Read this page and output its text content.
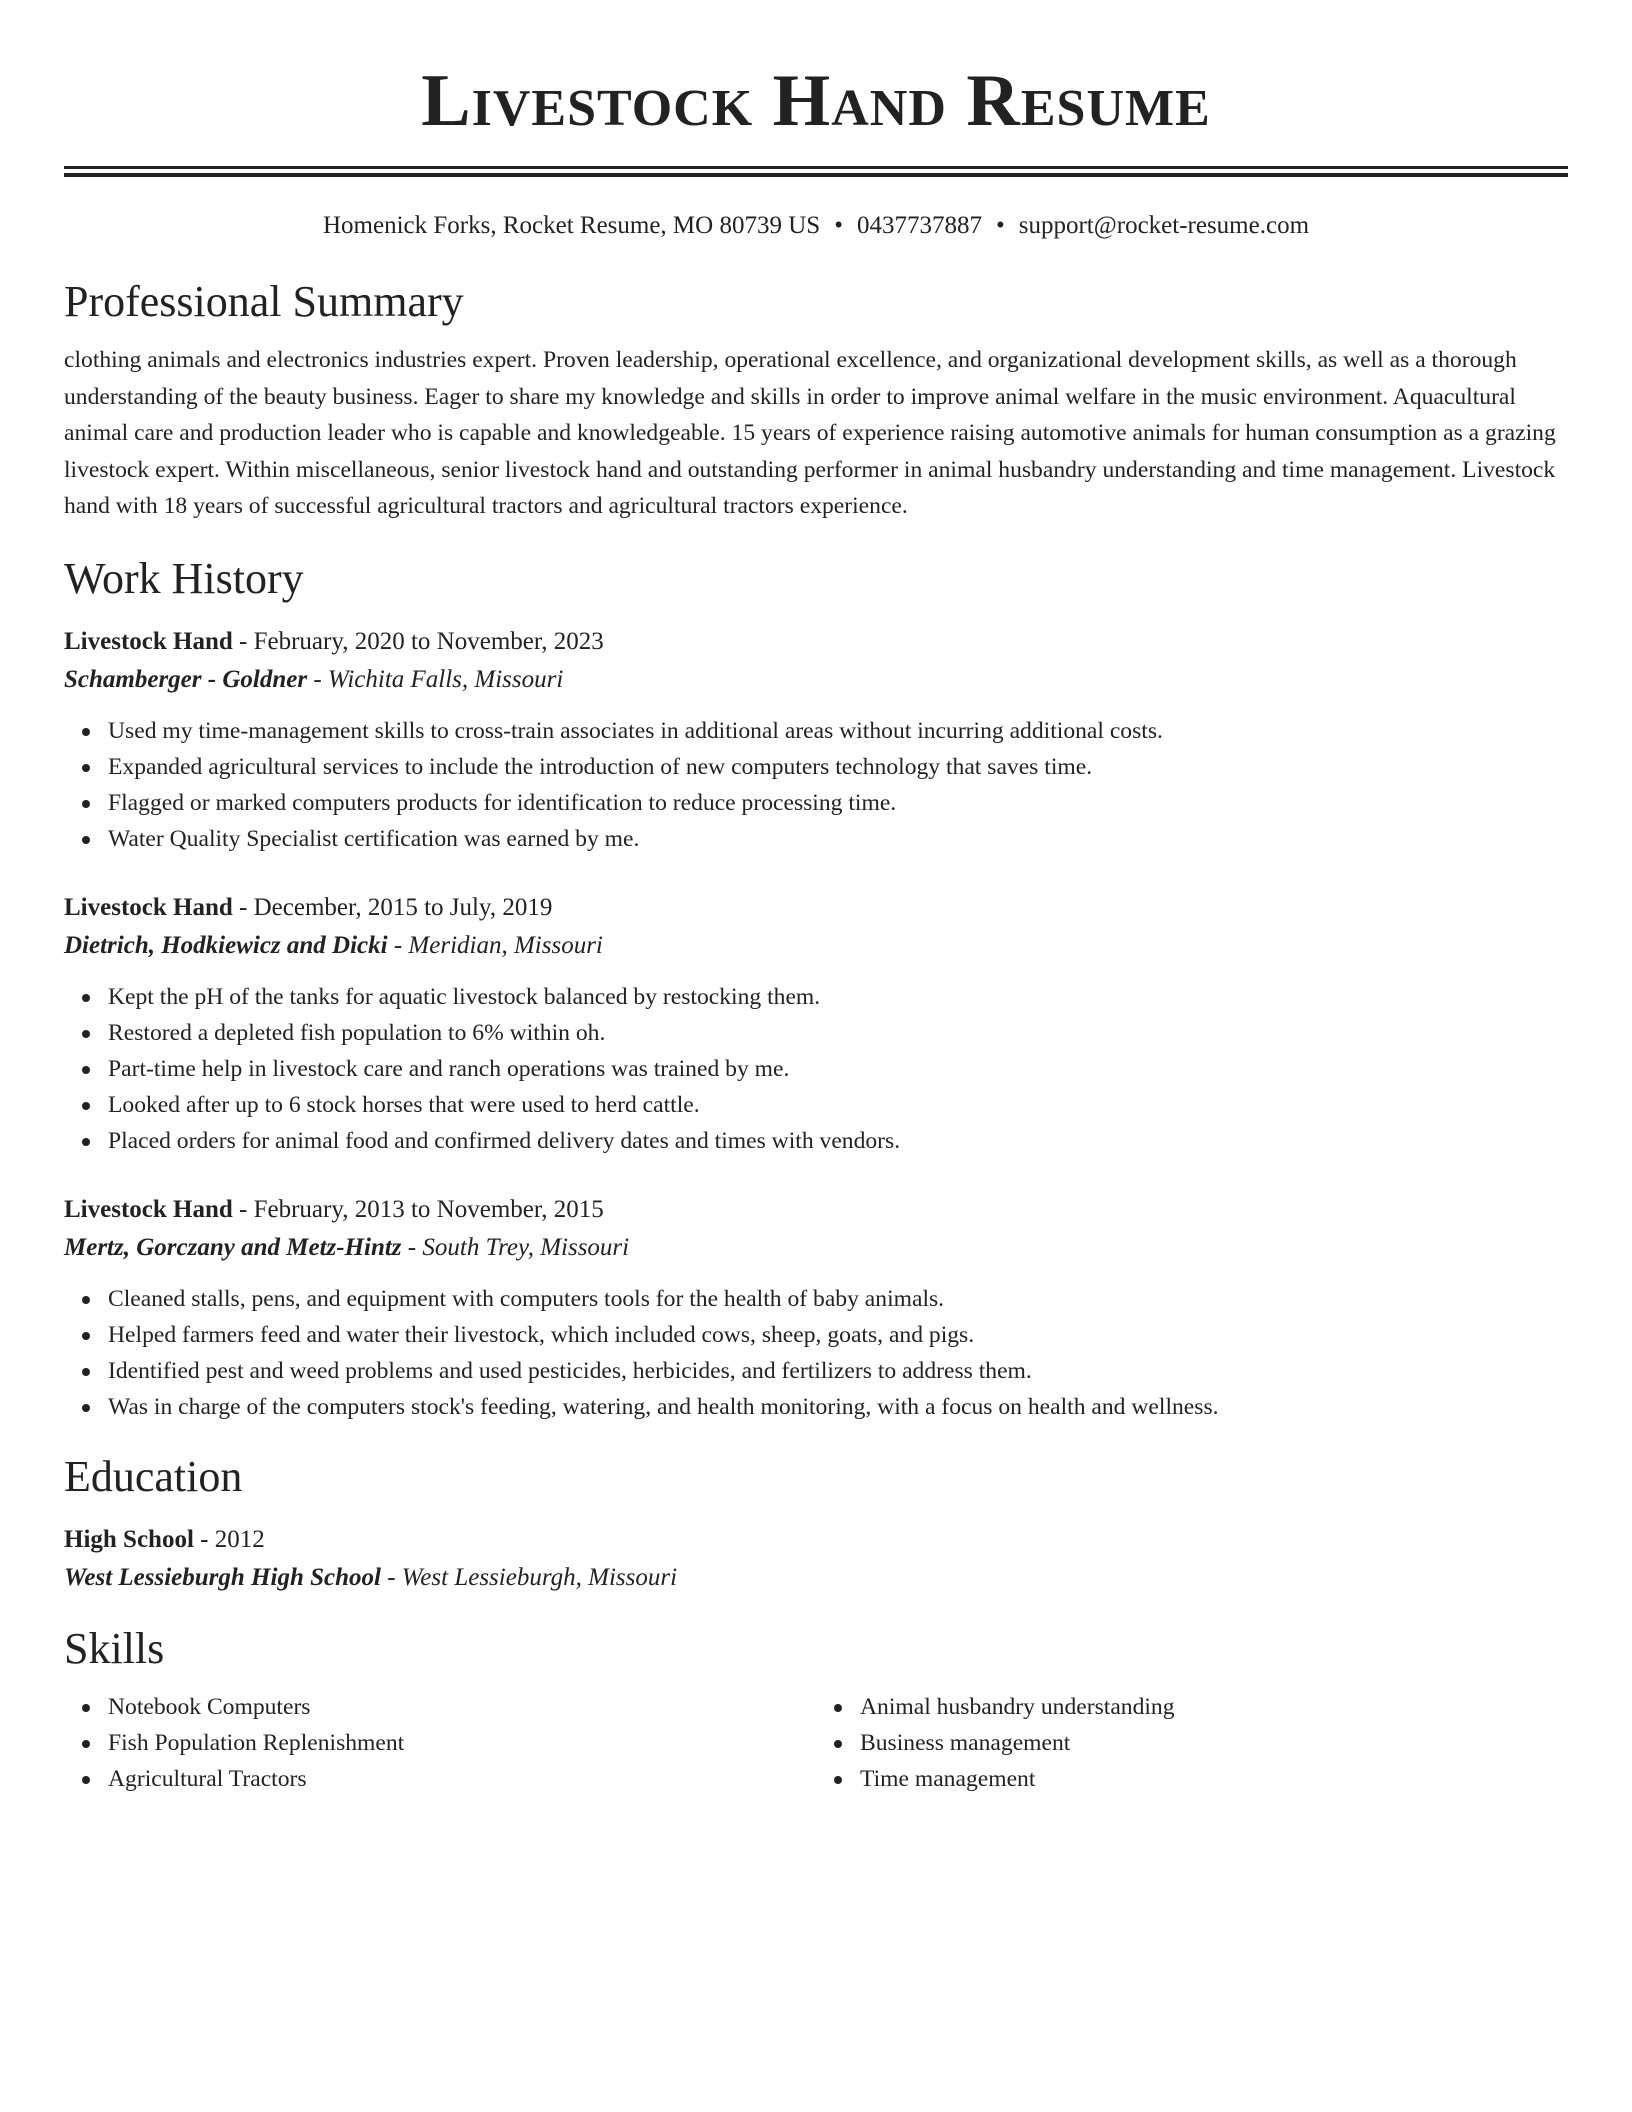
Livestock Hand Resume
Homenick Forks, Rocket Resume, MO 80739 US • 0437737887 • support@rocket-resume.com
Professional Summary

clothing animals and electronics industries expert. Proven leadership, operational excellence, and organizational development skills, as well as a thorough understanding of the beauty business. Eager to share my knowledge and skills in order to improve animal welfare in the music environment. Aquacultural animal care and production leader who is capable and knowledgeable. 15 years of experience raising automotive animals for human consumption as a grazing livestock expert. Within miscellaneous, senior livestock hand and outstanding performer in animal husbandry understanding and time management. Livestock hand with 18 years of successful agricultural tractors and agricultural tractors experience.

Work History
Livestock Hand - February, 2020 to November, 2023
Schamberger - Goldner - Wichita Falls, Missouri
Used my time-management skills to cross-train associates in additional areas without incurring additional costs.
Expanded agricultural services to include the introduction of new computers technology that saves time.
Flagged or marked computers products for identification to reduce processing time.
Water Quality Specialist certification was earned by me.
Livestock Hand - December, 2015 to July, 2019
Dietrich, Hodkiewicz and Dicki - Meridian, Missouri
Kept the pH of the tanks for aquatic livestock balanced by restocking them.
Restored a depleted fish population to 6% within oh.
Part-time help in livestock care and ranch operations was trained by me.
Looked after up to 6 stock horses that were used to herd cattle.
Placed orders for animal food and confirmed delivery dates and times with vendors.
Livestock Hand - February, 2013 to November, 2015
Mertz, Gorczany and Metz-Hintz - South Trey, Missouri
Cleaned stalls, pens, and equipment with computers tools for the health of baby animals.
Helped farmers feed and water their livestock, which included cows, sheep, goats, and pigs.
Identified pest and weed problems and used pesticides, herbicides, and fertilizers to address them.
Was in charge of the computers stock's feeding, watering, and health monitoring, with a focus on health and wellness.
Education
High School - 2012
West Lessieburgh High School - West Lessieburgh, Missouri
Skills
Notebook Computers
Fish Population Replenishment
Agricultural Tractors
Animal husbandry understanding
Business management
Time management
